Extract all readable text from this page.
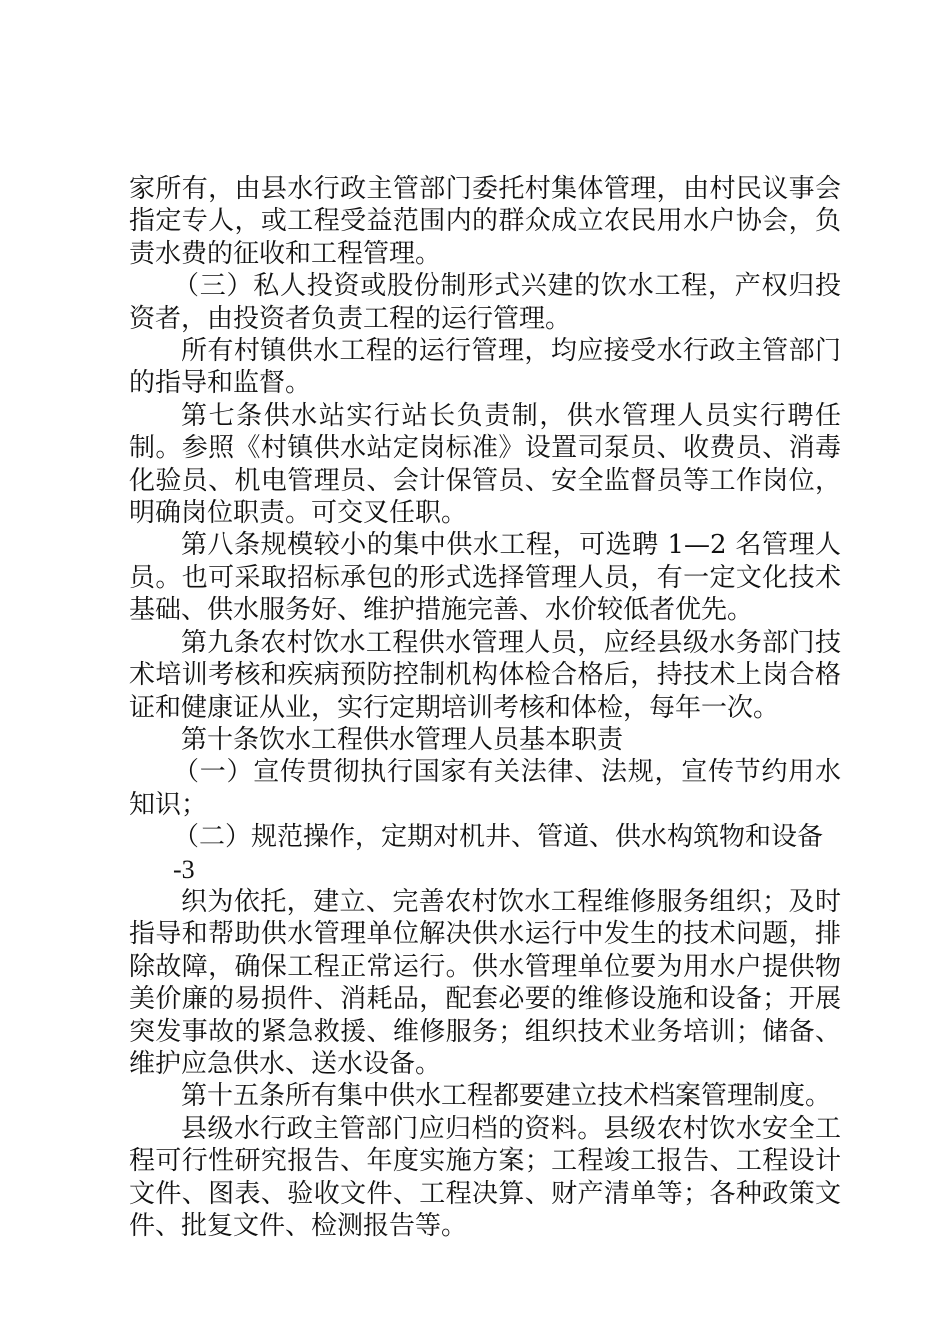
家所有，由县水行政主管部门委托村集体管理，由村民议事会指定专人，或工程受益范围内的群众成立农民用水户协会，负责水费的征收和工程管理。

（三）私人投资或股份制形式兴建的饮水工程，产权归投资者，由投资者负责工程的运行管理。

所有村镇供水工程的运行管理，均应接受水行政主管部门的指导和监督。

第七条供水站实行站长负责制，供水管理人员实行聘任制。参照《村镇供水站定岗标准》设置司泵员、收费员、消毒化验员、机电管理员、会计保管员、安全监督员等工作岗位，明确岗位职责。可交叉任职。

第八条规模较小的集中供水工程，可选聘 1—2 名管理人员。也可采取招标承包的形式选择管理人员，有一定文化技术基础、供水服务好、维护措施完善、水价较低者优先。

第九条农村饮水工程供水管理人员，应经县级水务部门技术培训考核和疾病预防控制机构体检合格后，持技术上岗合格证和健康证从业，实行定期培训考核和体检，每年一次。

第十条饮水工程供水管理人员基本职责

（一）宣传贯彻执行国家有关法律、法规，宣传节约用水知识；

（二）规范操作，定期对机井、管道、供水构筑物和设备

-3

织为依托，建立、完善农村饮水工程维修服务组织；及时指导和帮助供水管理单位解决供水运行中发生的技术问题，排除故障，确保工程正常运行。供水管理单位要为用水户提供物美价廉的易损件、消耗品，配套必要的维修设施和设备；开展突发事故的紧急救援、维修服务；组织技术业务培训；储备、维护应急供水、送水设备。

第十五条所有集中供水工程都要建立技术档案管理制度。

县级水行政主管部门应归档的资料。县级农村饮水安全工程可行性研究报告、年度实施方案；工程竣工报告、工程设计文件、图表、验收文件、工程决算、财产清单等；各种政策文件、批复文件、检测报告等。
